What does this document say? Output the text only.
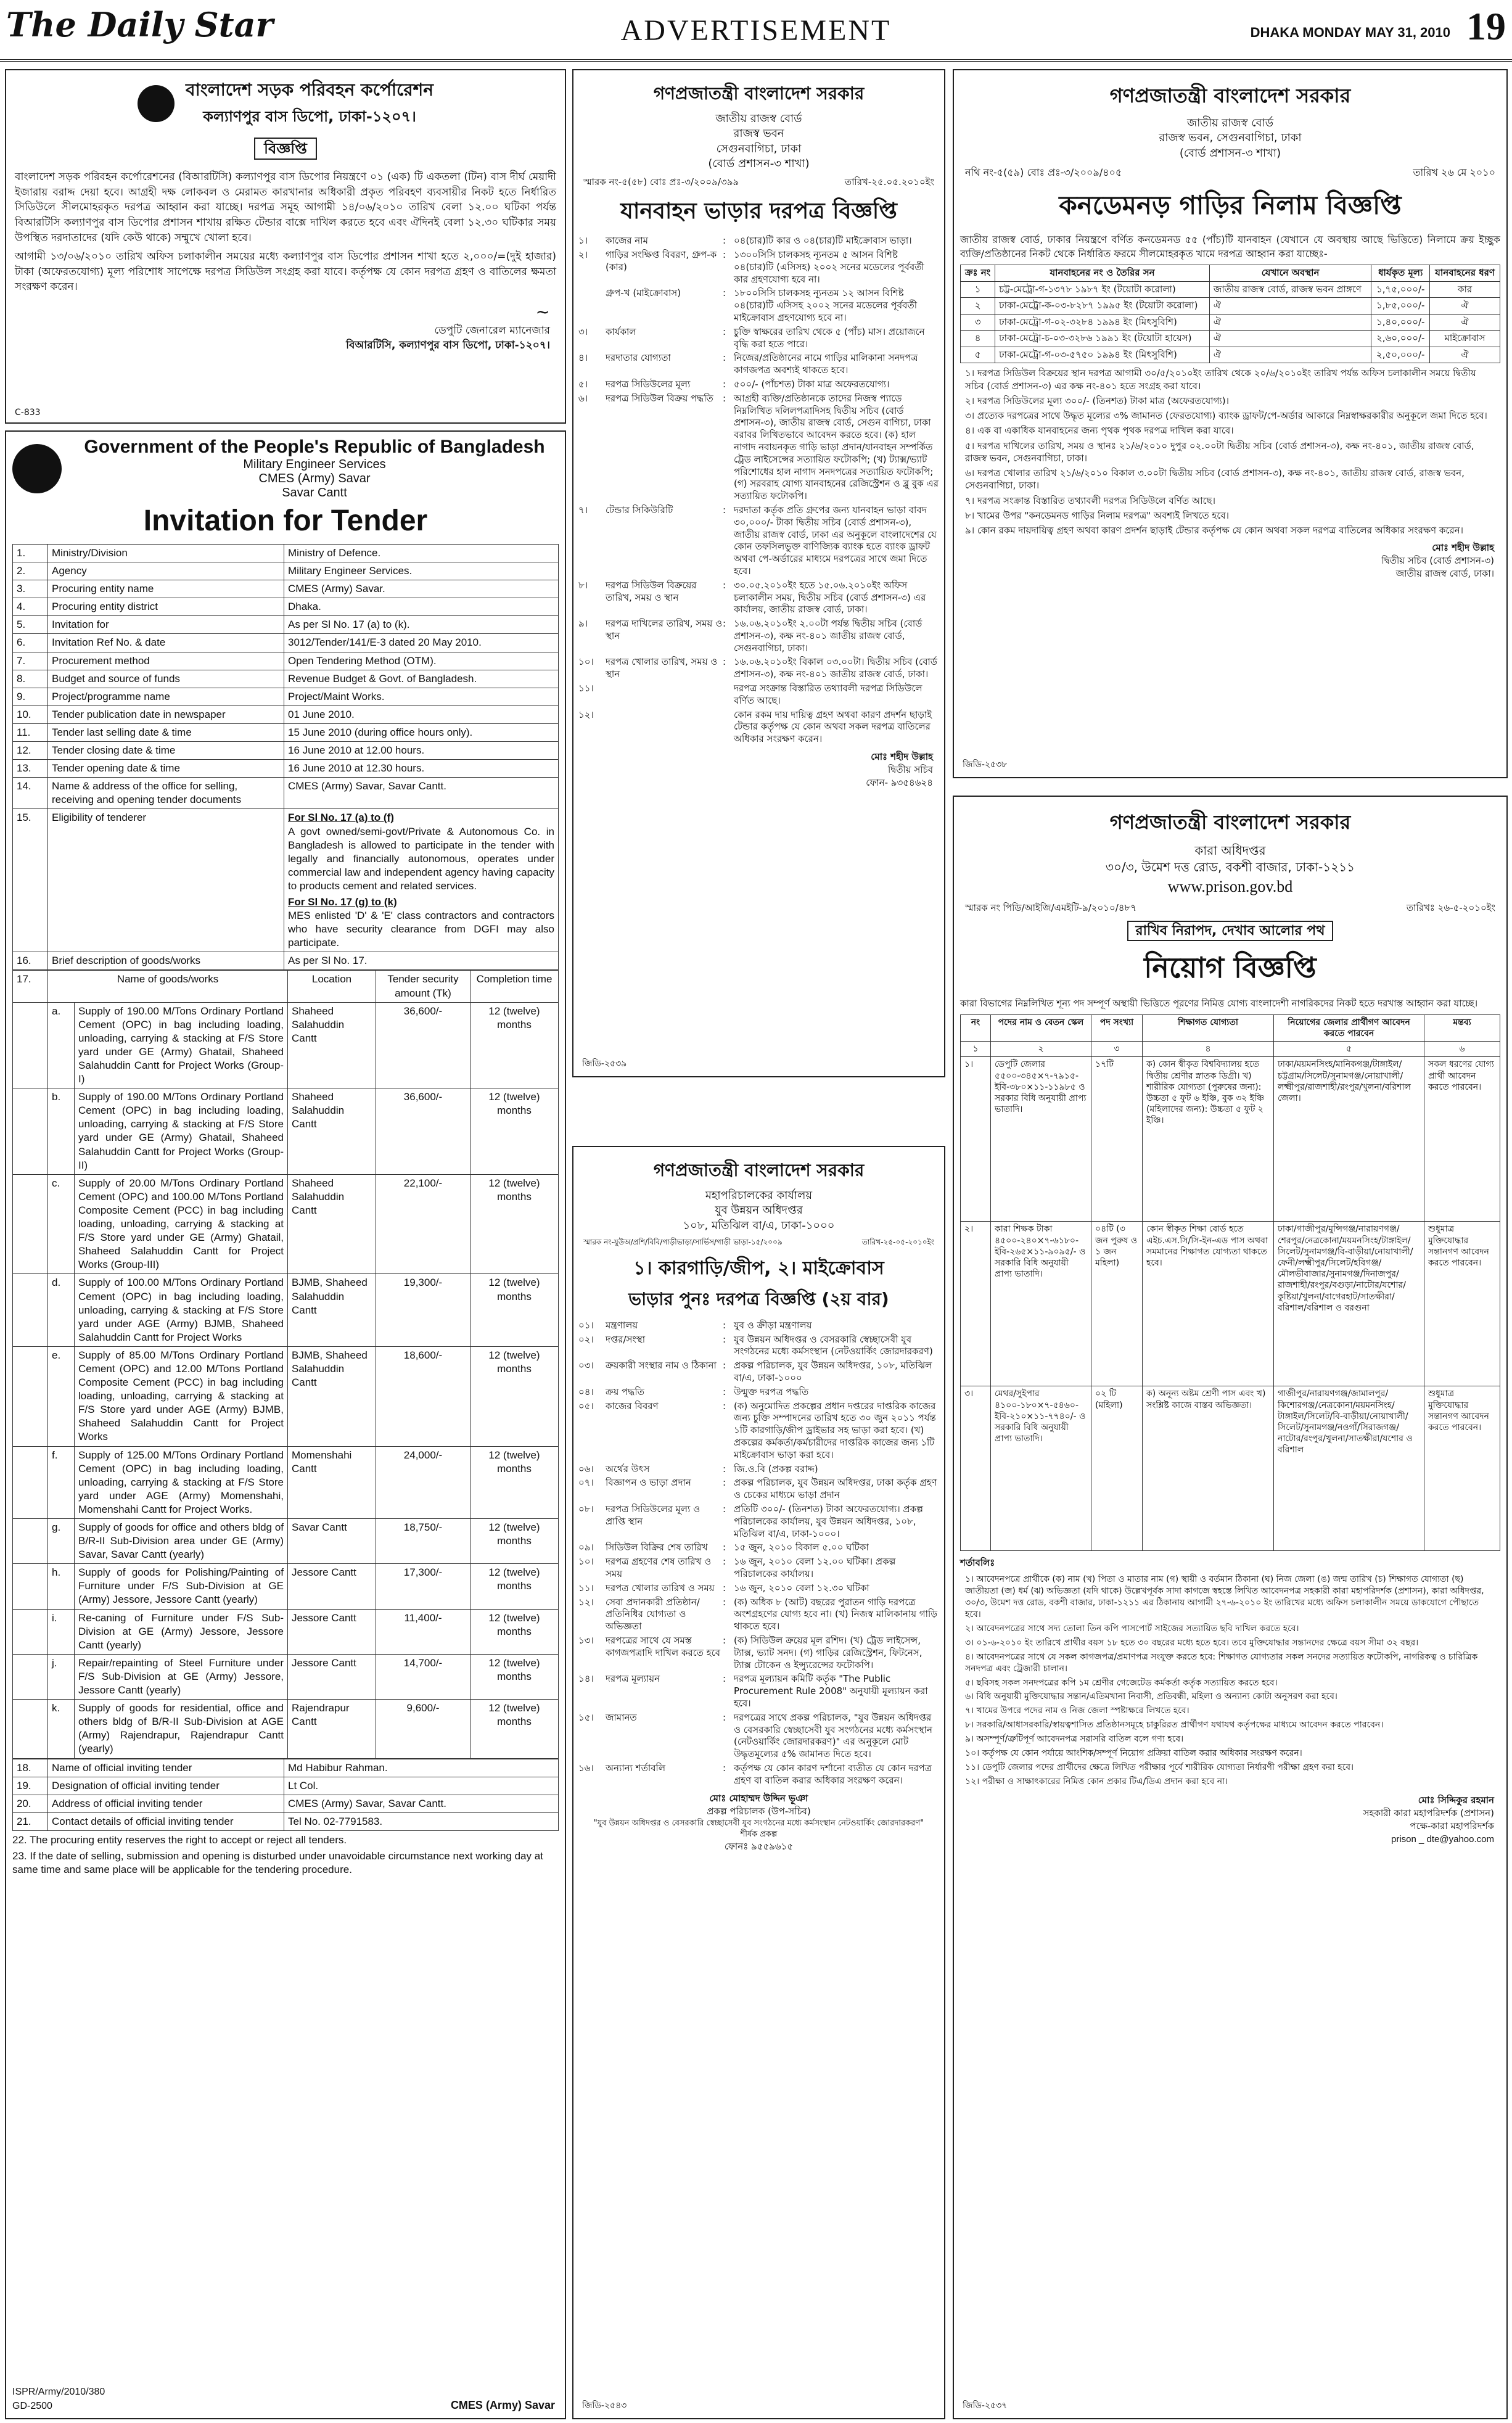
The Daily Star	ADVERTISEMENT	DHAKA MONDAY MAY 31, 2010 19
বাংলাদেশ সড়ক পরিবহন কর্পোরেশন
কল্যাণপুর বাস ডিপো, ঢাকা-১২০৭।
বিজ্ঞপ্তি

বাংলাদেশ সড়ক পরিবহন কর্পোরেশনের (বিআরটিসি) কল্যাণপুর বাস ডিপোর নিয়ন্ত্রণে ০১ (এক) টি একতলা (টিন) বাস দীর্ঘ মেয়াদী ইজারায় বরাদ্দ দেয়া হবে। আগ্রহী দক্ষ লোকবল ও মেরামত কারখানার অধিকারী প্রকৃত পরিবহণ ব্যবসায়ীর নিকট হতে নির্ধারিত সিডিউলে সীলমোহরকৃত দরপত্র আহ্বান করা যাচ্ছে। দরপত্র সমূহ আগামী ১৪/০৬/২০১০ তারিখ বেলা ১২.০০ ঘটিকা পর্যন্ত বিআরটিসি কল্যাণপুর বাস ডিপোর প্রশাসন শাখায় রক্ষিত টেন্ডার বাক্সে দাখিল করতে হবে এবং ঐদিনই বেলা ১২.৩০ ঘটিকার সময় উপস্থিত দরদাতাদের (যদি কেউ থাকে) সম্মুখে খোলা হবে।

আগামী ১৩/০৬/২০১০ তারিখ অফিস চলাকালীন সময়ের মধ্যে কল্যাণপুর বাস ডিপোর প্রশাসন শাখা হতে ২,০০০/=(দুই হাজার) টাকা (অফেরতযোগ্য) মূল্য পরিশোধ সাপেক্ষে দরপত্র সিডিউল সংগ্রহ করা যাবে। কর্তৃপক্ষ যে কোন দরপত্র গ্রহণ ও বাতিলের ক্ষমতা সংরক্ষণ করেন।

~
ডেপুটি জেনারেল ম্যানেজার
বিআরটিসি, কল্যাণপুর বাস ডিপো, ঢাকা-১২০৭।
C-833
Government of the People's Republic of Bangladesh
Military Engineer Services
CMES (Army) Savar
Savar Cantt
Invitation for Tender
1.	Ministry/Division	Ministry of Defence.
2.	Agency	Military Engineer Services.
3.	Procuring entity name	CMES (Army) Savar.
4.	Procuring entity district	Dhaka.
5.	Invitation for	As per Sl No. 17 (a) to (k).
6.	Invitation Ref No. & date	3012/Tender/141/E-3 dated 20 May 2010.
7.	Procurement method	Open Tendering Method (OTM).
8.	Budget and source of funds	Revenue Budget & Govt. of Bangladesh.
9.	Project/programme name	Project/Maint Works.
10.	Tender publication date in newspaper	01 June 2010.
11.	Tender last selling date & time	15 June 2010 (during office hours only).
12.	Tender closing date & time	16 June 2010 at 12.00 hours.
13.	Tender opening date & time	16 June 2010 at 12.30 hours.
14.	Name & address of the office for selling, receiving and opening tender documents	CMES (Army) Savar, Savar Cantt.
15.	Eligibility of tenderer	For Sl No. 17 (a) to (f)
A govt owned/semi-govt/Private & Autonomous Co. in Bangladesh is allowed to participate in the tender with legally and financially autonomous, operates under commercial law and independent agency having capacity to products cement and related services.
For Sl No. 17 (g) to (k)
MES enlisted 'D' & 'E' class contractors and contractors who have security clearance from DGFI may also participate.

16.	Brief description of goods/works	As per Sl No. 17.
17.	Name of goods/works		Location	Tender security amount (Tk)	Completion time
	a.	Supply of 190.00 M/Tons Ordinary Portland Cement (OPC) in bag including loading, unloading, carrying & stacking at F/S Store yard under GE (Army) Ghatail, Shaheed Salahuddin Cantt for Project Works (Group-I)	Shaheed Salahuddin Cantt	36,600/-	12 (twelve) months
	b.	Supply of 190.00 M/Tons Ordinary Portland Cement (OPC) in bag including loading, unloading, carrying & stacking at F/S Store yard under GE (Army) Ghatail, Shaheed Salahuddin Cantt for Project Works (Group-II)	Shaheed Salahuddin Cantt	36,600/-	12 (twelve) months
	c.	Supply of 20.00 M/Tons Ordinary Portland Cement (OPC) and 100.00 M/Tons Portland Composite Cement (PCC) in bag including loading, unloading, carrying & stacking at F/S Store yard under GE (Army) Ghatail, Shaheed Salahuddin Cantt for Project Works (Group-III)	Shaheed Salahuddin Cantt	22,100/-	12 (twelve) months
	d.	Supply of 100.00 M/Tons Ordinary Portland Cement (OPC) in bag including loading, unloading, carrying & stacking at F/S Store yard under AGE (Army) BJMB, Shaheed Salahuddin Cantt for Project Works	BJMB, Shaheed Salahuddin Cantt	19,300/-	12 (twelve) months
	e.	Supply of 85.00 M/Tons Ordinary Portland Cement (OPC) and 12.00 M/Tons Portland Composite Cement (PCC) in bag including loading, unloading, carrying & stacking at F/S Store yard under AGE (Army) BJMB, Shaheed Salahuddin Cantt for Project Works	BJMB, Shaheed Salahuddin Cantt	18,600/-	12 (twelve) months
	f.	Supply of 125.00 M/Tons Ordinary Portland Cement (OPC) in bag including loading, unloading, carrying & stacking at F/S Store yard under AGE (Army) Momenshahi, Momenshahi Cantt for Project Works.	Momenshahi Cantt	24,000/-	12 (twelve) months
	g.	Supply of goods for office and others bldg of B/R-II Sub-Division area under GE (Army) Savar, Savar Cantt (yearly)	Savar Cantt	18,750/-	12 (twelve) months
	h.	Supply of goods for Polishing/Painting of Furniture under F/S Sub-Division at GE (Army) Jessore, Jessore Cantt (yearly)	Jessore Cantt	17,300/-	12 (twelve) months
	i.	Re-caning of Furniture under F/S Sub-Division at GE (Army) Jessore, Jessore Cantt (yearly)	Jessore Cantt	11,400/-	12 (twelve) months
	j.	Repair/repainting of Steel Furniture under F/S Sub-Division at GE (Army) Jessore, Jessore Cantt (yearly)	Jessore Cantt	14,700/-	12 (twelve) months
	k.	Supply of goods for residential, office and others bldg of B/R-II Sub-Division at AGE (Army) Rajendrapur, Rajendrapur Cantt (yearly)	Rajendrapur Cantt	9,600/-	12 (twelve) months
18.	Name of official inviting tender	Md Habibur Rahman.
19.	Designation of official inviting tender	Lt Col.
20.	Address of official inviting tender	CMES (Army) Savar, Savar Cantt.
21.	Contact details of official inviting tender	Tel No. 02-7791583.
22. The procuring entity reserves the right to accept or reject all tenders.
23. If the date of selling, submission and opening is disturbed under unavoidable circumstance next working day at same time and same place will be applicable for the tendering procedure.
ISPR/Army/2010/380
GD-2500	CMES (Army) Savar
গণপ্রজাতন্ত্রী বাংলাদেশ সরকার
জাতীয় রাজস্ব বোর্ড
রাজস্ব ভবন
সেগুনবাগিচা, ঢাকা
(বোর্ড প্রশাসন-৩ শাখা)
স্মারক নং-৫(৫৮) বোঃ প্রঃ-৩/২০০৯/৩৯৯	তারিখ-২৫.০৫.২০১০ইং
যানবাহন ভাড়ার দরপত্র বিজ্ঞপ্তি
১।	কাজের নাম	: ০৪(চার)টি কার ও ০৪(চার)টি মাইক্রোবাস ভাড়া।
২।	গাড়ির সংক্ষিপ্ত বিবরণ, গ্রুপ-ক (কার)
: ১৩০০সিসি চালকসহ ন্যূনতম ৫ আসন বিশিষ্ট ০৪(চার)টি (এসিসহ) ২০০২ সনের মডেলের পূর্ববর্তী কার গ্রহণযোগ্য হবে না।
গ্রুপ-খ (মাইক্রোবাস)	: ১৮০০সিসি চালকসহ ন্যূনতম ১২ আসন বিশিষ্ট ০৪(চার)টি এসিসহ ২০০২ সনের মডেলের পূর্ববর্তী মাইক্রোবাস গ্রহণযোগ্য হবে না।
৩।	কার্যকাল	: চুক্তি স্বাক্ষরের তারিখ থেকে ৫ (পাঁচ) মাস। প্রয়োজনে বৃদ্ধি করা হতে পারে।
৪।	দরদাতার যোগ্যতা	: নিজের/প্রতিষ্ঠানের নামে গাড়ির মালিকানা সনদপত্র কাগজপত্র অবশ্যই থাকতে হবে।
৫।	দরপত্র সিডিউলের মূল্য	: ৫০০/- (পাঁচশত) টাকা মাত্র অফেরতযোগ্য।
৬।	দরপত্র সিডিউল বিক্রয় পদ্ধতি	: আগ্রহী ব্যক্তি/প্রতিষ্ঠানকে তাদের নিজস্ব প্যাডে নিম্নলিখিত দলিলপত্রাদিসহ দ্বিতীয় সচিব (বোর্ড প্রশাসন-৩), জাতীয় রাজস্ব বোর্ড, সেগুন বাগিচা, ঢাকা বরাবর লিখিতভাবে আবেদন করতে হবে। (ক) হাল নাগাদ নবায়নকৃত গাড়ি ভাড়া প্রদান/যানবাহন সম্পর্কিত ট্রেড লাইসেন্সের সত্যায়িত ফটোকপি; (খ) ট্যাক্স/ভ্যাট পরিশোধের হাল নাগাদ সনদপত্রের সত্যায়িত ফটোকপি; (গ) সরবরাহ যোগ্য যানবাহনের রেজিস্ট্রেশন ও ব্লু বুক এর সত্যায়িত ফটোকপি।
৭।	টেন্ডার সিকিউরিটি	: দরদাতা কর্তৃক প্রতি গ্রুপের জন্য যানবাহন ভাড়া বাবদ ৩০,০০০/- টাকা দ্বিতীয় সচিব (বোর্ড প্রশাসন-৩), জাতীয় রাজস্ব বোর্ড, ঢাকা এর অনুকূলে বাংলাদেশের যে কোন তফসিলভুক্ত বাণিজ্যিক ব্যাংক হতে ব্যাংক ড্রাফট অথবা পে-অর্ডারের মাধ্যমে দরপত্রের সাথে জমা দিতে হবে।
৮।	দরপত্র সিডিউল বিক্রয়ের তারিখ, সময় ও স্থান
: ৩০.০৫.২০১০ইং হতে ১৫.০৬.২০১০ইং অফিস চলাকালীন সময়, দ্বিতীয় সচিব (বোর্ড প্রশাসন-৩) এর কার্যালয়, জাতীয় রাজস্ব বোর্ড, ঢাকা।
৯।	দরপত্র দাখিলের তারিখ, সময় ও স্থান
: ১৬.০৬.২০১০ইং ২.০০টা পর্যন্ত দ্বিতীয় সচিব (বোর্ড প্রশাসন-৩), কক্ষ নং-৪০১ জাতীয় রাজস্ব বোর্ড, সেগুনবাগিচা, ঢাকা।
১০।	দরপত্র খোলার তারিখ, সময় ও স্থান
: ১৬.০৬.২০১০ইং বিকাল ০৩.০০টা। দ্বিতীয় সচিব (বোর্ড প্রশাসন-৩), কক্ষ নং-৪০১ জাতীয় রাজস্ব বোর্ড, ঢাকা।
১১।	দরপত্র সংক্রান্ত বিস্তারিত তথ্যাবলী দরপত্র সিডিউলে বর্ণিত আছে।
১২।	কোন রকম দায় দায়িত্ব গ্রহণ অথবা কারণ প্রদর্শন ছাড়াই টেন্ডার কর্তৃপক্ষ যে কোন অথবা সকল দরপত্র বাতিলের অধিকার সংরক্ষণ করেন।
মোঃ শহীদ উল্লাহ
দ্বিতীয় সচিব
ফোন- ৯৩৫৪৬২৪
জিডি-২৫৩৯
গণপ্রজাতন্ত্রী বাংলাদেশ সরকার
মহাপরিচালকের কার্যালয়
যুব উন্নয়ন অধিদপ্তর
১০৮, মতিঝিল বা/এ, ঢাকা-১০০০
স্মারক নং-যুউঅ/প্রশি/বিবি/গাড়ীভাড়া/সার্ভিস/গাড়ী ভাড়া-১৫/২০০৯	তারিখ-২৫-০৫-২০১০ইং
১। কারগাড়ি/জীপ, ২। মাইক্রোবাস
ভাড়ার পুনঃ দরপত্র বিজ্ঞপ্তি (২য় বার)
০১।	মন্ত্রণালয়	: যুব ও ক্রীড়া মন্ত্রণালয়
০২।	দপ্তর/সংস্থা	: যুব উন্নয়ন অধিদপ্তর ও বেসরকারি স্বেচ্ছাসেবী যুব সংগঠনের মধ্যে কর্মসংস্থান (নেটওয়ার্কিং জোরদারকরণ)
০৩।	ক্রয়কারী সংস্থার নাম ও ঠিকানা : প্রকল্প পরিচালক, যুব উন্নয়ন অধিদপ্তর, ১০৮, মতিঝিল বা/এ, ঢাকা-১০০০
০৪।	ক্রয় পদ্ধতি	: উন্মুক্ত দরপত্র পদ্ধতি
০৫।	কাজের বিবরণ	: (ক) অনুমোদিত প্রকল্পের প্রধান দপ্তরের দাপ্তরিক কাজের জন্য চুক্তি সম্পাদনের তারিখ হতে ৩০ জুন ২০১১ পর্যন্ত ১টি কারগাড়ি/জীপ ড্রাইভার সহ ভাড়া করা হবে। (খ) প্রকল্পের কর্মকর্তা/কর্মচারীদের দাপ্তরিক কাজের জন্য ১টি মাইক্রোবাস ভাড়া করা হবে।
০৬।	অর্থের উৎস	: জি.ও.বি (প্রকল্প বরাদ্দ)
০৭।	বিজ্ঞাপন ও ভাড়া প্রদান	: প্রকল্প পরিচালক, যুব উন্নয়ন অধিদপ্তর, ঢাকা কর্তৃক গ্রহণ ও চেকের মাধ্যমে ভাড়া প্রদান
০৮।	দরপত্র সিডিউলের মূল্য ও প্রাপ্তি স্থান
: প্রতিটি ৩০০/- (তিনশত) টাকা অফেরতযোগ্য। প্রকল্প পরিচালকের কার্যালয়, যুব উন্নয়ন অধিদপ্তর, ১০৮, মতিঝিল বা/এ, ঢাকা-১০০০।
০৯।	সিডিউল বিক্রির শেষ তারিখ	: ১৫ জুন, ২০১০ বিকাল ৫.০০ ঘটিকা
১০।	দরপত্র গ্রহণের শেষ তারিখ ও সময়
: ১৬ জুন, ২০১০ বেলা ১২.০০ ঘটিকা। প্রকল্প পরিচালকের কার্যালয়।
১১।	দরপত্র খোলার তারিখ ও সময় : ১৬ জুন, ২০১০ বেলা ১২.৩০ ঘটিকা
১২।	সেবা প্রদানকারী প্রতিষ্ঠান/প্রতিনিধির যোগ্যতা ও অভিজ্ঞতা
: (ক) অধিক ৮ (আট) বছরের পুরাতন গাড়ি দরপত্রে অংশগ্রহণের যোগ্য হবে না। (খ) নিজস্ব মালিকানায় গাড়ি থাকতে হবে।
১৩।	দরপত্রের সাথে যে সমস্ত কাগজপত্রাদি দাখিল করতে হবে
: (ক) সিডিউল ক্রয়ের মূল রশিদ। (খ) ট্রেড লাইসেন্স, ট্যাক্স, ভ্যাট সনদ। (গ) গাড়ির রেজিস্ট্রেশন, ফিটনেস, ট্যাক্স টোকেন ও ইন্স্যুরেন্সের ফটোকপি।
১৪।	দরপত্র মূল্যায়ন	: দরপত্র মূল্যায়ন কমিটি কর্তৃক "The Public Procurement Rule 2008" অনুযায়ী মূল্যায়ন করা হবে।
১৫।	জামানত	: দরপত্রের সাথে প্রকল্প পরিচালক, "যুব উন্নয়ন অধিদপ্তর ও বেসরকারি স্বেচ্ছাসেবী যুব সংগঠনের মধ্যে কর্মসংস্থান (নেটওয়ার্কিং জোরদারকরণ)" এর অনুকূলে মোট উদ্ধৃতমূল্যের ৫% জামানত দিতে হবে।
১৬।	অন্যান্য শর্তাবলি	: কর্তৃপক্ষ যে কোন কারণ দর্শানো ব্যতীত যে কোন দরপত্র গ্রহণ বা বাতিল করার অধিকার সংরক্ষণ করেন।
মোঃ মোহাম্মদ উদ্দিন ভূঞা
প্রকল্প পরিচালক (উপ-সচিব)
"যুব উন্নয়ন অধিদপ্তর ও বেসরকারি স্বেচ্ছাসেবী যুব সংগঠনের মধ্যে কর্মসংস্থান নেটওয়ার্কিং জোরদারকরণ" শীর্ষক প্রকল্প
ফোনঃ ৯৫৫৯৬১৫
জিডি-২৫৪৩
গণপ্রজাতন্ত্রী বাংলাদেশ সরকার
জাতীয় রাজস্ব বোর্ড
রাজস্ব ভবন, সেগুনবাগিচা, ঢাকা
(বোর্ড প্রশাসন-৩ শাখা)
নথি নং-৫(৫৯) বোঃ প্রঃ-৩/২০০৯/৪০৫	তারিখ ২৬ মে ২০১০
কনডেমনড় গাড়ির নিলাম বিজ্ঞপ্তি

জাতীয় রাজস্ব বোর্ড, ঢাকার নিয়ন্ত্রণে বর্ণিত কনডেমনড ৫৫ (পাঁচ)টি যানবাহন (যেখানে যে অবস্থায় আছে ভিত্তিতে) নিলামে ক্রয় ইচ্ছুক ব্যক্তি/প্রতিষ্ঠানের নিকট থেকে নির্ধারিত ফরমে সীলমোহরকৃত খামে দরপত্র আহ্বান করা যাচ্ছেঃ-

ক্রঃ নং	যানবাহনের নং ও তৈরির সন	যেখানে অবস্থান	ধার্যকৃত মূল্য	যানবাহনের ধরণ
১	চট্ট-মেট্রো-গ-১৩৭৮ ১৯৮৭ ইং (টয়োটা করোলা)	জাতীয় রাজস্ব বোর্ড, রাজস্ব ভবন প্রাঙ্গণে	১,৭৫,০০০/-	কার
২	ঢাকা-মেট্রো-ক-০৩-৮২৮৭ ১৯৯৫ ইং (টয়োটা করোলা)	ঐ	১,৮৫,০০০/-	ঐ
৩	ঢাকা-মেট্রো-গ-০২-৩২৮৪ ১৯৯৪ ইং (মিৎসুবিশি)	ঐ	১,৪০,০০০/-	ঐ
৪	ঢাকা-মেট্রো-চ-০৩-৩২৮৬ ১৯৯১ ইং (টয়োটা হায়েস)	ঐ	২,৬০,০০০/-	মাইক্রোবাস
৫	ঢাকা-মেট্রো-গ-০৩-৫৭৫০ ১৯৯৪ ইং (মিৎসুবিশি)	ঐ	২,৫০,০০০/-	ঐ
১। দরপত্র সিডিউল বিক্রয়ের স্থান দরপত্র আগামী ৩০/৫/২০১০ইং তারিখ থেকে ২০/৬/২০১০ইং তারিখ পর্যন্ত অফিস চলাকালীন সময়ে দ্বিতীয় সচিব (বোর্ড প্রশাসন-৩) এর কক্ষ নং-৪০১ হতে সংগ্রহ করা যাবে।
২। দরপত্র সিডিউলের মূল্য ৩০০/- (তিনশত) টাকা মাত্র (অফেরতযোগ্য)।
৩। প্রত্যেক দরপত্রের সাথে উদ্ধৃত মূল্যের ৩% জামানত (ফেরতযোগ্য) ব্যাংক ড্রাফট/পে-অর্ডার আকারে নিম্নস্বাক্ষরকারীর অনুকূলে জমা দিতে হবে।
৪। এক বা একাধিক যানবাহনের জন্য পৃথক পৃথক দরপত্র দাখিল করা যাবে।
৫। দরপত্র দাখিলের তারিখ, সময় ও স্থানঃ ২১/৬/২০১০ দুপুর ০২.০০টা দ্বিতীয় সচিব (বোর্ড প্রশাসন-৩), কক্ষ নং-৪০১, জাতীয় রাজস্ব বোর্ড, রাজস্ব ভবন, সেগুনবাগিচা, ঢাকা।
৬। দরপত্র খোলার তারিখ ২১/৬/২০১০ বিকাল ৩.০০টা দ্বিতীয় সচিব (বোর্ড প্রশাসন-৩), কক্ষ নং-৪০১, জাতীয় রাজস্ব বোর্ড, রাজস্ব ভবন, সেগুনবাগিচা, ঢাকা।
৭। দরপত্র সংক্রান্ত বিস্তারিত তথ্যাবলী দরপত্র সিডিউলে বর্ণিত আছে।
৮। খামের উপর "কনডেমনড গাড়ির নিলাম দরপত্র" অবশ্যই লিখতে হবে।
৯। কোন রকম দায়দায়িত্ব গ্রহণ অথবা কারণ প্রদর্শন ছাড়াই টেন্ডার কর্তৃপক্ষ যে কোন অথবা সকল দরপত্র বাতিলের অধিকার সংরক্ষণ করেন।
মোঃ শহীদ উল্লাহ
দ্বিতীয় সচিব (বোর্ড প্রশাসন-৩)
জাতীয় রাজস্ব বোর্ড, ঢাকা।
জিডি-২৫৩৮
গণপ্রজাতন্ত্রী বাংলাদেশ সরকার
কারা অধিদপ্তর
৩০/৩, উমেশ দত্ত রোড, বকশী বাজার, ঢাকা-১২১১
www.prison.gov.bd
স্মারক নং পিডি/আইজি/এমইটি-৯/২০১০/৪৮৭	তারিখঃ ২৬-৫-২০১০ইং
রাখিব নিরাপদ, দেখাব আলোর পথ
নিয়োগ বিজ্ঞপ্তি

কারা বিভাগের নিম্নলিখিত শূন্য পদ সম্পূর্ণ অস্থায়ী ভিত্তিতে পূরণের নিমিত্ত যোগ্য বাংলাদেশী নাগরিকদের নিকট হতে দরখাস্ত আহ্বান করা যাচ্ছে।

নং	পদের নাম ও বেতন স্কেল	পদ সংখ্যা	শিক্ষাগত যোগ্যতা	নিয়োগের জেলার প্রার্থীগণ আবেদন করতে পারবেন	মন্তব্য
১	২	৩	৪	৫	৬
১।	ডেপুটি জেলার ৫৫০০-৩৪৫×৭-৭৯১৫-ইবি-৩৮০×১১-১১৯৮৫ ও সরকার বিধি অনুযায়ী প্রাপ্য ভাতাদি।	১৭টি	ক) কোন স্বীকৃত বিশ্ববিদ্যালয় হতে দ্বিতীয় শ্রেণীর স্নাতক ডিগ্রী। খ) শারীরিক যোগ্যতা (পুরুষের জন্য): উচ্চতা ৫ ফুট ৬ ইঞ্চি, বুক ৩২ ইঞ্চি (মহিলাদের জন্য): উচ্চতা ৫ ফুট ২ ইঞ্চি।	ঢাকা/ময়মনসিংহ/মানিকগঞ্জ/টাঙ্গাইল/চট্টগ্রাম/সিলেট/সুনামগঞ্জ/নোয়াখালী/লক্ষ্মীপুর/রাজশাহী/রংপুর/খুলনা/বরিশাল জেলা।	সকল ধরণের যোগ্য প্রার্থী আবেদন করতে পারবেন।
২।	কারা শিক্ষক টাকা ৪৫০০-২৪০×৭-৬১৮০-ইবি-২৬৫×১১-৯০৯৫/- ও সরকারি বিধি অনুযায়ী প্রাপ্য ভাতাদি।	০৪টি (৩ জন পুরুষ ও ১ জন মহিলা)	কোন স্বীকৃত শিক্ষা বোর্ড হতে এইচ.এস.সি/সি-ইন-এড পাস অথবা সমমানের শিক্ষাগত যোগ্যতা থাকতে হবে।	ঢাকা/গাজীপুর/মুন্সিগঞ্জ/নারায়ণগঞ্জ/শেরপুর/নেত্রকোনা/ময়মনসিংহ/টাঙ্গাইল/সিলেট/সুনামগঞ্জ/বি-বাড়ীয়া/নোয়াখালী/ফেনী/লক্ষ্মীপুর/সিলেট/হবিগঞ্জ/মৌলভীবাজার/সুনামগঞ্জ/দিনাজপুর/রাজশাহী/রংপুর/বগুড়া/নাটোর/যশোর/কুষ্টিয়া/খুলনা/বাগেরহাট/সাতক্ষীরা/বরিশাল/বরিশাল ও বরগুনা	শুধুমাত্র মুক্তিযোদ্ধার সন্তানগণ আবেদন করতে পারবেন।
৩।	মেথর/সুইপার ৪১০০-১৮০×৭-৫৪৬০-ইবি-২১০×১১-৭৭৪০/- ও সরকারি বিধি অনুযায়ী প্রাপ্য ভাতাদি।	০২ টি (মহিলা)	ক) অনূন্য অষ্টম শ্রেণী পাস এবং খ) সংশ্লিষ্ট কাজে বাস্তব অভিজ্ঞতা।	গাজীপুর/নারায়ণগঞ্জ/জামালপুর/কিশোরগঞ্জ/নেত্রকোনা/ময়মনসিংহ/টাঙ্গাইল/সিলেট/বি-বাড়ীয়া/নোয়াখালী/সিলেট/সুনামগঞ্জ/নওগাঁ/সিরাজগঞ্জ/নাটোর/রংপুর/খুলনা/সাতক্ষীরা/যশোর ও বরিশাল	শুধুমাত্র মুক্তিযোদ্ধার সন্তানগণ আবেদন করতে পারবেন।
শর্তাবলিঃ
১। আবেদনপত্রে প্রার্থীকে (ক) নাম (খ) পিতা ও মাতার নাম (গ) স্থায়ী ও বর্তমান ঠিকানা (ঘ) নিজ জেলা (ঙ) জন্ম তারিখ (চ) শিক্ষাগত যোগ্যতা (ছ) জাতীয়তা (জ) ধর্ম (ঝ) অভিজ্ঞতা (যদি থাকে) উল্লেখপূর্বক সাদা কাগজে স্বহস্তে লিখিত আবেদনপত্র সহকারী কারা মহাপরিদর্শক (প্রশাসন), কারা অধিদপ্তর, ৩০/৩, উমেশ দত্ত রোড, বকশী বাজার, ঢাকা-১২১১ এর ঠিকানায় আগামী ২৭-৬-২০১০ ইং তারিখের মধ্যে অফিস চলাকালীন সময়ে ডাকযোগে পৌছাতে হবে।
২। আবেদনপত্রের সাথে সদ্য তোলা তিন কপি পাসপোর্ট সাইজের সত্যায়িত ছবি দাখিল করতে হবে।
৩। ০১-৬-২০১০ ইং তারিখে প্রার্থীর বয়স ১৮ হতে ৩০ বছরের মধ্যে হতে হবে। তবে মুক্তিযোদ্ধার সন্তানদের ক্ষেত্রে বয়স সীমা ৩২ বছর।
৪। আবেদনপত্রের সাথে যে সকল কাগজপত্র/প্রমাণপত্র সংযুক্ত করতে হবে: শিক্ষাগত যোগ্যতার সকল সনদের সত্যায়িত ফটোকপি, নাগরিকত্ব ও চারিত্রিক সনদপত্র এবং ট্রেজারী চালান।
৫। ছবিসহ সকল সনদপত্রের কপি ১ম শ্রেণীর গেজেটেড কর্মকর্তা কর্তৃক সত্যায়িত করতে হবে।
৬। বিধি অনুযায়ী মুক্তিযোদ্ধার সন্তান/এতিমখানা নিবাসী, প্রতিবন্ধী, মহিলা ও অন্যান্য কোটা অনুসরণ করা হবে।
৭। খামের উপরে পদের নাম ও নিজ জেলা স্পষ্টাক্ষরে লিখতে হবে।
৮। সরকারি/আধাসরকারি/স্বায়ত্বশাসিত প্রতিষ্ঠানসমূহে চাকুরিরত প্রার্থীগণ যথাযথ কর্তৃপক্ষের মাধ্যমে আবেদন করতে পারবেন।
৯। অসম্পূর্ণ/ত্রুটিপূর্ণ আবেদনপত্র সরাসরি বাতিল বলে গণ্য হবে।
১০। কর্তৃপক্ষ যে কোন পর্যায়ে আংশিক/সম্পূর্ণ নিয়োগ প্রক্রিয়া বাতিল করার অধিকার সংরক্ষণ করেন।
১১। ডেপুটি জেলার পদের প্রার্থীদের ক্ষেত্রে লিখিত পরীক্ষার পূর্বে শারীরিক যোগ্যতা নির্ধারণী পরীক্ষা গ্রহণ করা হবে।
১২। পরীক্ষা ও সাক্ষাৎকারের নিমিত্ত কোন প্রকার টিএ/ডিএ প্রদান করা হবে না।
মোঃ সিদ্দিকুর রহমান
সহকারী কারা মহাপরিদর্শক (প্রশাসন)
পক্ষে-কারা মহাপরিদর্শক
prison _ dte@yahoo.com
জিডি-২৫৩৭
